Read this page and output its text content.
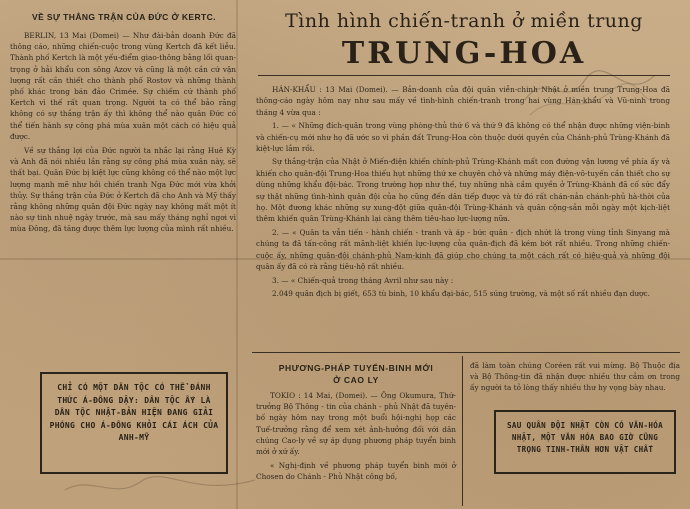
VỀ SỰ THẮNG TRẬN CỦA ĐỨC Ở KERTC.

BERLIN, 13 Mai (Domei) — Như đài-bản doanh Đức đã thông cáo, những chiến-cuộc trong vùng Kertch đã kết liễu. Thành phố Kertch là một yếu-điểm giao-thông bằng lối quan-trọng ở hải khẩu con sông Azov và cũng là một cần cứ vận lượng rất cần thiết cho thành phố Rostov và những thành phố khác trong bán đảo Crimée. Sự chiếm cứ thành phố Kertch vì thế rất quan trọng. Người ta có thể bảo rằng không có sự thắng trận ấy thì không thể nào quân Đức có thể tiến hành sự công phá mùa xuân một cách có hiệu quả được.

Về sự thắng lợi của Đức người ta nhắc lại rằng Huê Kỳ và Anh đã nói nhiều lần rằng sự công phá mùa xuân này, sẽ thất bại. Quân Đức bị kiệt lực cũng không có thể nào một lực lượng mạnh mẽ như hồi chiến tranh Nga Đức mới vừa khởi thủy. Sự thắng trận của Đức ở Kertch đã cho Anh và Mỹ thấy rằng không những quân đội Đức ngày nay không mất một ít nào sự tinh nhuệ ngày trước, mà sau mấy tháng nghỉ ngơi vì mùa Đông, đã tăng được thêm lực lượng của mình rất nhiều.

CHỈ CÓ MỘT DÂN TỘC CÓ THỂ ĐÁNH THỨC Á-ĐÔNG DẬY: DÂN TỘC ẤY LÀ DÂN TỘC NHẬT-BẢN HIỆN ĐANG GIẢI PHÓNG CHO Á-ĐÔNG KHỎI CÁI ÁCH CỦA ANH-MỸ
Tình hình chiến-tranh ở miền trung
TRUNG-HOA

HÁN-KHẨU : 13 Mai (Domei). — Bản-doanh của đội quân viễn-chinh Nhật ở miền trung Trung-Hoa đã thông-cáo ngày hôm nay như sau mấy về tình-hình chiến-tranh trong hai vùng Hán-khẩu và Vũ-ninh trong tháng 4 vừa qua :

1. — « Những đích-quân trong vùng phòng-thủ thứ 6 và thứ 9 đã không có thể nhận được những viện-binh và chiến-cụ mới như họ đã ước so vì phần đất Trung-Hoa còn thuộc dưới quyền của Chánh-phủ Trùng-Khánh đã kiệt-lực lắm rồi.

Sự thắng-trận của Nhật ở Miến-điện khiến chính-phủ Trùng-Khánh mất con đường vận lương về phía ấy và khiến cho quân-đội Trung-Hoa thiếu hụt những thứ xe chuyên chở và những máy điện-vô-tuyến cần thiết cho sự dùng những khẩu đội-bác. Trong trường hợp như thế, tuy những nhà cầm quyền ở Trùng-Khánh đã cố sức đẩy sự thật những tình-hình quân đội của họ cũng đến dân tiếp được và từ đó rất chán-nản chánh-phủ hà-thời của họ. Một đương khác những sự xung-đột giữa quân-đội Trùng-Khánh và quân cộng-sản mỗi ngày một kịch-liệt thêm khiến quân Trùng-Khánh lại càng thêm tiêu-hao lực-lượng nữa.

2. — « Quân ta vẫn tiến - hành chiến - tranh và áp - bức quân - địch nhứt là trong vùng tỉnh Sinyang mà chúng ta đã tấn-công rất mãnh-liệt khiến lực-lượng của quân-địch đã kém bớt rất nhiều. Trong những chiến-cuộc ấy, những quân-đội chánh-phủ Nam-kinh đã giúp cho chúng ta một cách rất có hiệu-quả và những đội quân ấy đã có rà rằng tiêu-hộ rất nhiều.

3. — « Chiến-quả trong tháng Avril như sau này :

2.049 quân địch bị giết, 653 tù binh, 10 khẩu đại-bác, 515 súng trường, và một số rất nhiều đạn dược.

PHƯƠNG-PHÁP TUYỂN-BINH MỚI
Ở CAO LY

TOKIO : 14 Mai, (Domei). — Ông Okumura, Thứ-trưởng Bộ Thông - tin của chánh - phủ Nhật đã tuyên-bố ngày hôm nay trong một buổi hội-nghị họp các Tuế-trưởng rằng để xem xét ảnh-hưởng đối với dân chúng Cao-ly về sự áp dụng phương pháp tuyển binh mới ở xứ ấy.

« Nghị-định về phương pháp tuyển binh mới ở Chosen do Chánh - Phủ Nhật công bố,

đã làm toàn chúng Coréen rất vui mừng. Bộ Thuộc địa và Bộ Thông-tin đã nhận được nhiều thư cảm ơn trong ấy người ta tỏ lòng thấy nhiều thư hy vọng bày nhau.

SAU QUÂN ĐỘI NHẬT CÒN CÓ VĂN-HÓA NHẬT, MỘT VĂN HÓA BAO GIỜ CŨNG TRỌNG TINH-THẦN HƠN VẬT CHẤT
